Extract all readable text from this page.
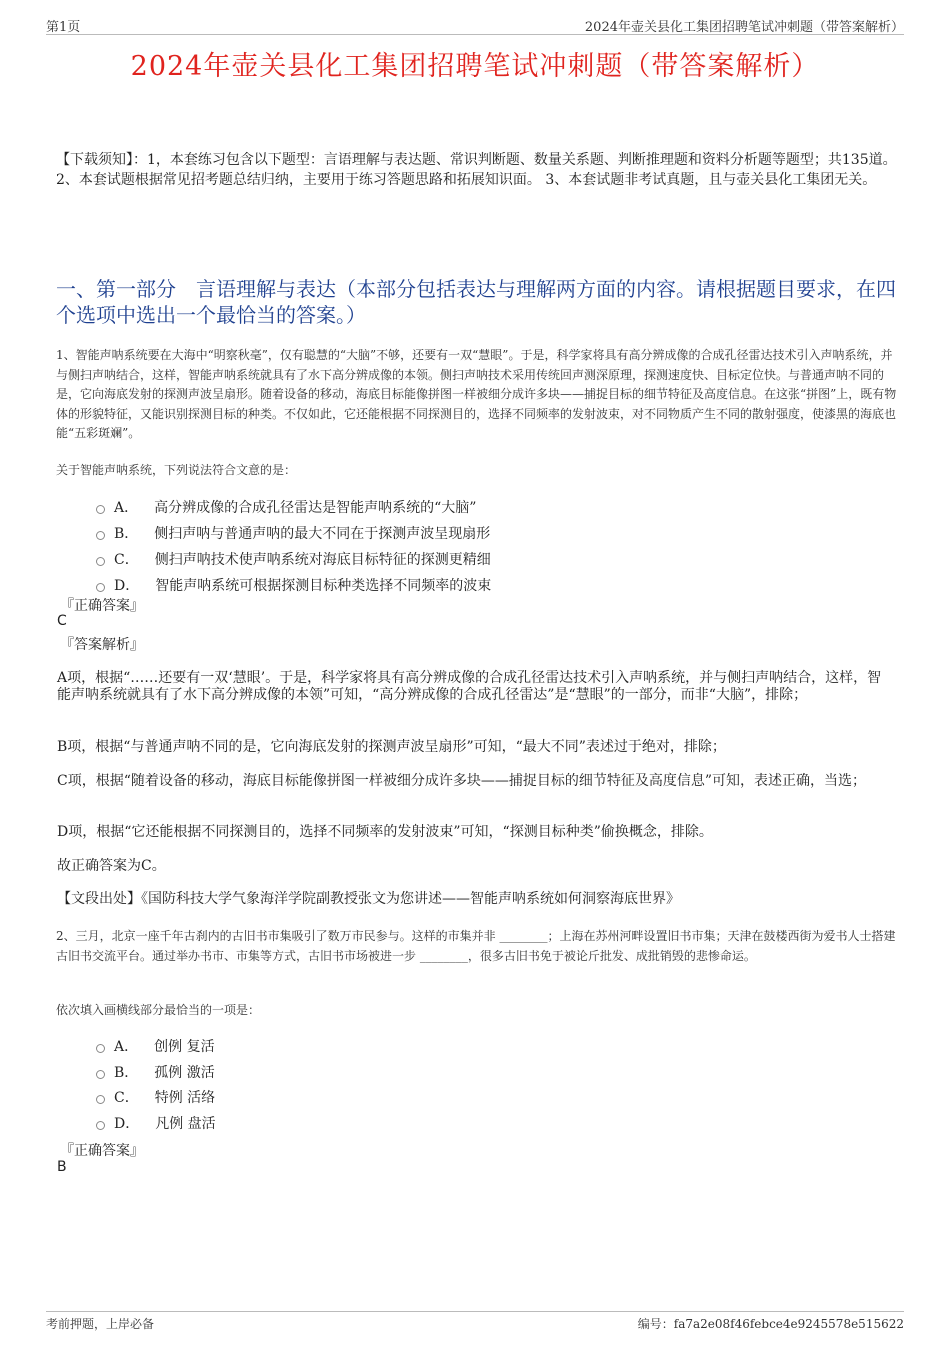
第1页	2024年壶关县化工集团招聘笔试冲刺题（带答案解析）
2024年壶关县化工集团招聘笔试冲刺题（带答案解析）
【下载须知】：1，本套练习包含以下题型：言语理解与表达题、常识判断题、数量关系题、判断推理题和资料分析题等题型；共135道。 2、本套试题根据常见招考题总结归纳，主要用于练习答题思路和拓展知识面。 3、本套试题非考试真题，且与壶关县化工集团无关。
一、第一部分　言语理解与表达（本部分包括表达与理解两方面的内容。请根据题目要求，在四个选项中选出一个最恰当的答案。）
1、智能声呐系统要在大海中“明察秋毫”，仅有聪慧的“大脑”不够，还要有一双“慧眼”。于是，科学家将具有高分辨成像的合成孔径雷达技术引入声呐系统，并与侧扫声呐结合，这样，智能声呐系统就具有了水下高分辨成像的本领。侧扫声呐技术采用传统回声测深原理，探测速度快、目标定位快。与普通声呐不同的是，它向海底发射的探测声波呈扇形。随着设备的移动，海底目标能像拼图一样被细分成许多块——捕捉目标的细节特征及高度信息。在这张“拼图”上，既有物体的形貌特征，又能识别探测目标的种类。不仅如此，它还能根据不同探测目的，选择不同频率的发射波束，对不同物质产生不同的散射强度，使漆黑的海底也能“五彩斑斓”。
关于智能声呐系统，下列说法符合文意的是：
A． 高分辨成像的合成孔径雷达是智能声呐系统的“大脑”
B． 侧扫声呐与普通声呐的最大不同在于探测声波呈现扇形
C． 侧扫声呐技术使声呐系统对海底目标特征的探测更精细
D． 智能声呐系统可根据探测目标种类选择不同频率的波束
『正确答案』
C
『答案解析』
A项，根据“……还要有一双‘慧眼’。于是，科学家将具有高分辨成像的合成孔径雷达技术引入声呐系统，并与侧扫声呐结合，这样，智能声呐系统就具有了水下高分辨成像的本领”可知，“高分辨成像的合成孔径雷达”是“慧眼”的一部分，而非“大脑”，排除；
B项，根据“与普通声呐不同的是，它向海底发射的探测声波呈扇形”可知，“最大不同”表述过于绝对，排除；
C项，根据“随着设备的移动，海底目标能像拼图一样被细分成许多块——捕捉目标的细节特征及高度信息”可知，表述正确，当选；
D项，根据“它还能根据不同探测目的，选择不同频率的发射波束”可知，“探测目标种类”偷换概念，排除。
故正确答案为C。
【文段出处】《国防科技大学气象海洋学院副教授张文为您讲述——智能声呐系统如何洞察海底世界》
2、三月，北京一座千年古刹内的古旧书市集吸引了数万市民参与。这样的市集并非 ________；上海在苏州河畔设置旧书市集；天津在鼓楼西街为爱书人士搭建古旧书交流平台。通过举办书市、市集等方式，古旧书市场被进一步 ________，很多古旧书免于被论斤批发、成批销毁的悲惨命运。
依次填入画横线部分最恰当的一项是：
A． 创例 复活
B． 孤例 激活
C． 特例 活络
D． 凡例 盘活
『正确答案』
B
考前押题，上岸必备	编号：fa7a2e08f46febce4e9245578e515622
